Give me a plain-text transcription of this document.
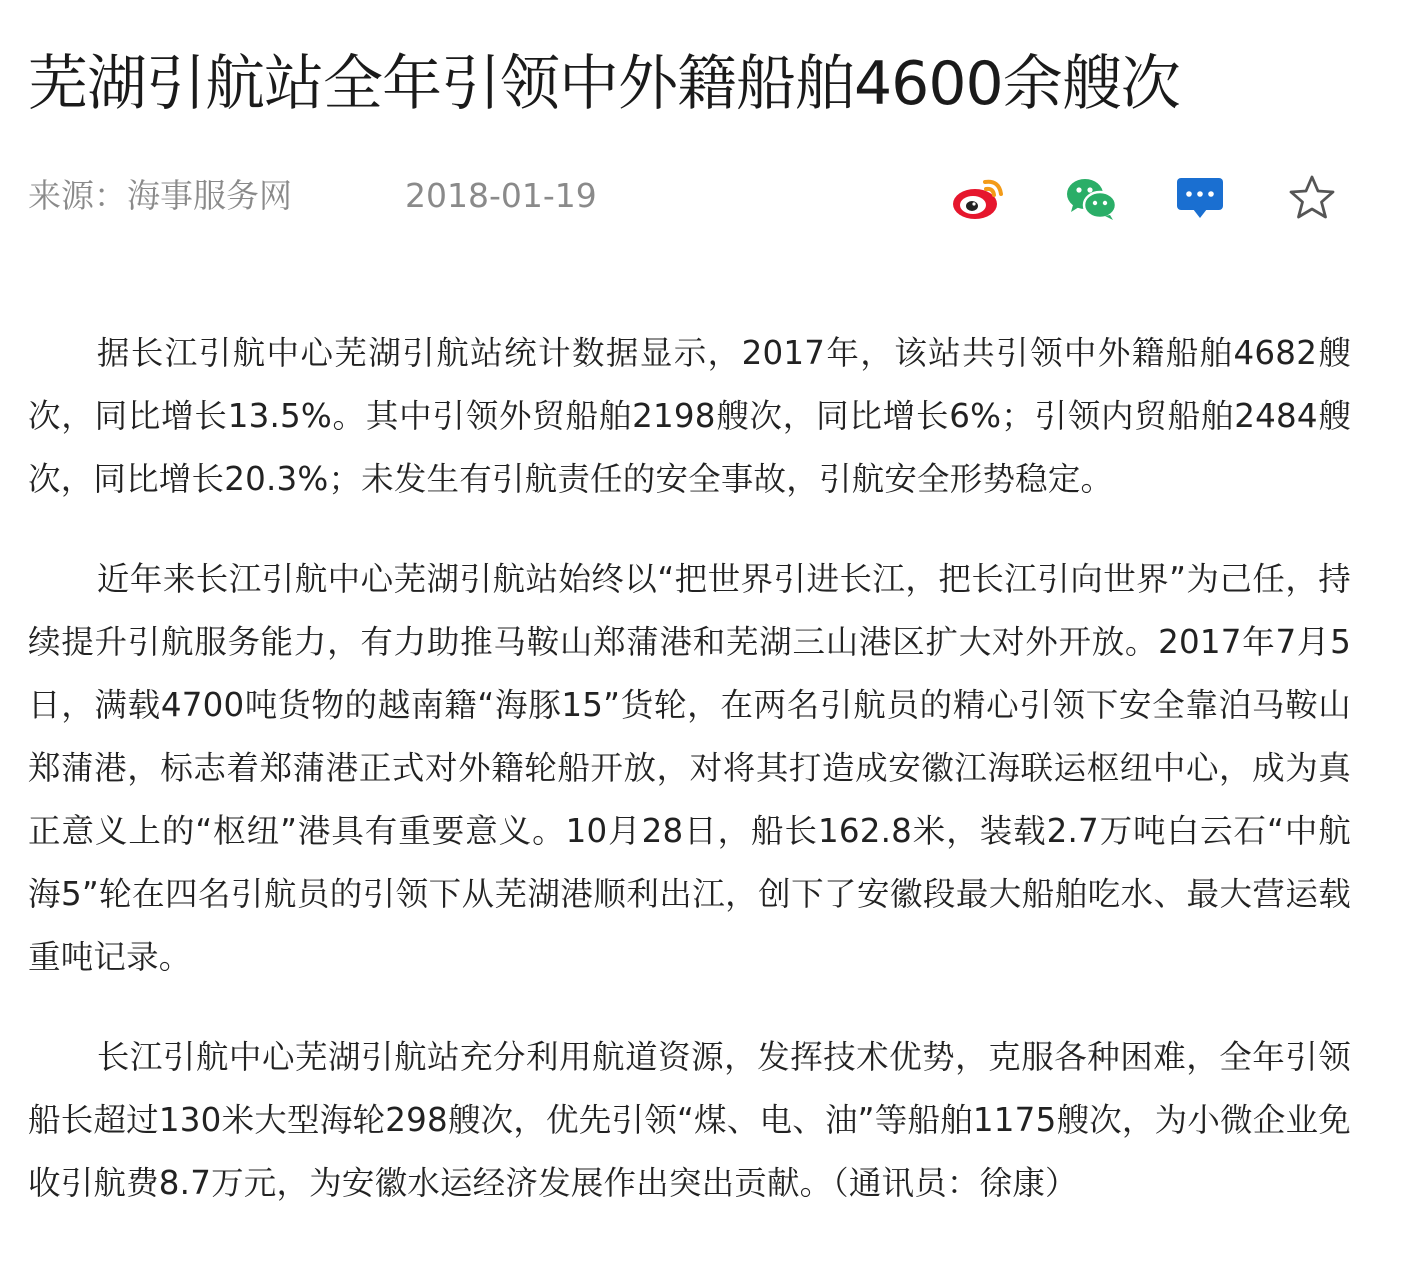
芜湖引航站全年引领中外籍船舶4600余艘次
来源：海事服务网	2018-01-19

据长江引航中心芜湖引航站统计数据显示，2017年，该站共引领中外籍船舶4682艘次，同比增长13.5%。其中引领外贸船舶2198艘次，同比增长6%；引领内贸船舶2484艘次，同比增长20.3%；未发生有引航责任的安全事故，引航安全形势稳定。

近年来长江引航中心芜湖引航站始终以“把世界引进长江，把长江引向世界”为己任，持续提升引航服务能力，有力助推马鞍山郑蒲港和芜湖三山港区扩大对外开放。2017年7月5日，满载4700吨货物的越南籍“海豚15”货轮，在两名引航员的精心引领下安全靠泊马鞍山郑蒲港，标志着郑蒲港正式对外籍轮船开放，对将其打造成安徽江海联运枢纽中心，成为真正意义上的“枢纽”港具有重要意义。10月28日，船长162.8米，装载2.7万吨白云石“中航海5”轮在四名引航员的引领下从芜湖港顺利出江，创下了安徽段最大船舶吃水、最大营运载重吨记录。

长江引航中心芜湖引航站充分利用航道资源，发挥技术优势，克服各种困难，全年引领船长超过130米大型海轮298艘次，优先引领“煤、电、油”等船舶1175艘次，为小微企业免收引航费8.7万元，为安徽水运经济发展作出突出贡献。（通讯员：徐康）
